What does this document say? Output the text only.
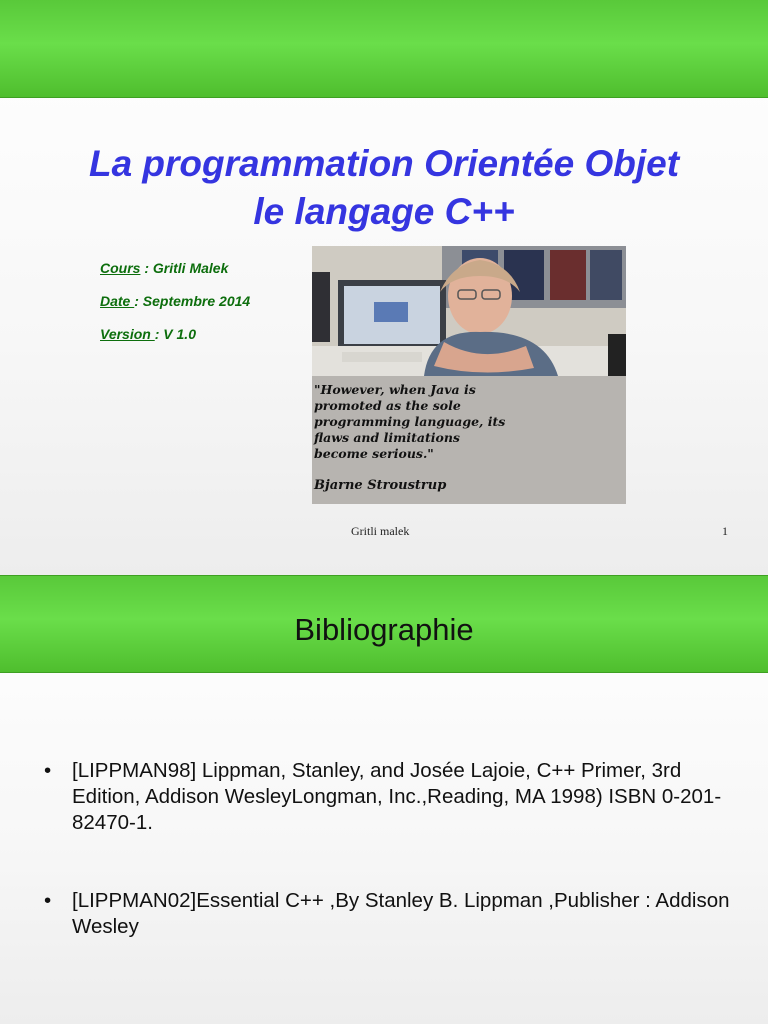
La programmation Orientée Objet
le langage C++
Cours : Gritli Malek
Date : Septembre 2014
Version : V 1.0
"However, when Java is
promoted as the sole
programming language, its
flaws and limitations
become serious."
Bjarne Stroustrup
Gritli malek	1
Bibliographie
• [LIPPMAN98] Lippman, Stanley, and Josée Lajoie, C++ Primer, 3rd Edition, Addison WesleyLongman, Inc.,Reading, MA 1998) ISBN 0-201-82470-1.
• [LIPPMAN02]Essential C++ ,By Stanley B. Lippman ,Publisher : Addison Wesley
